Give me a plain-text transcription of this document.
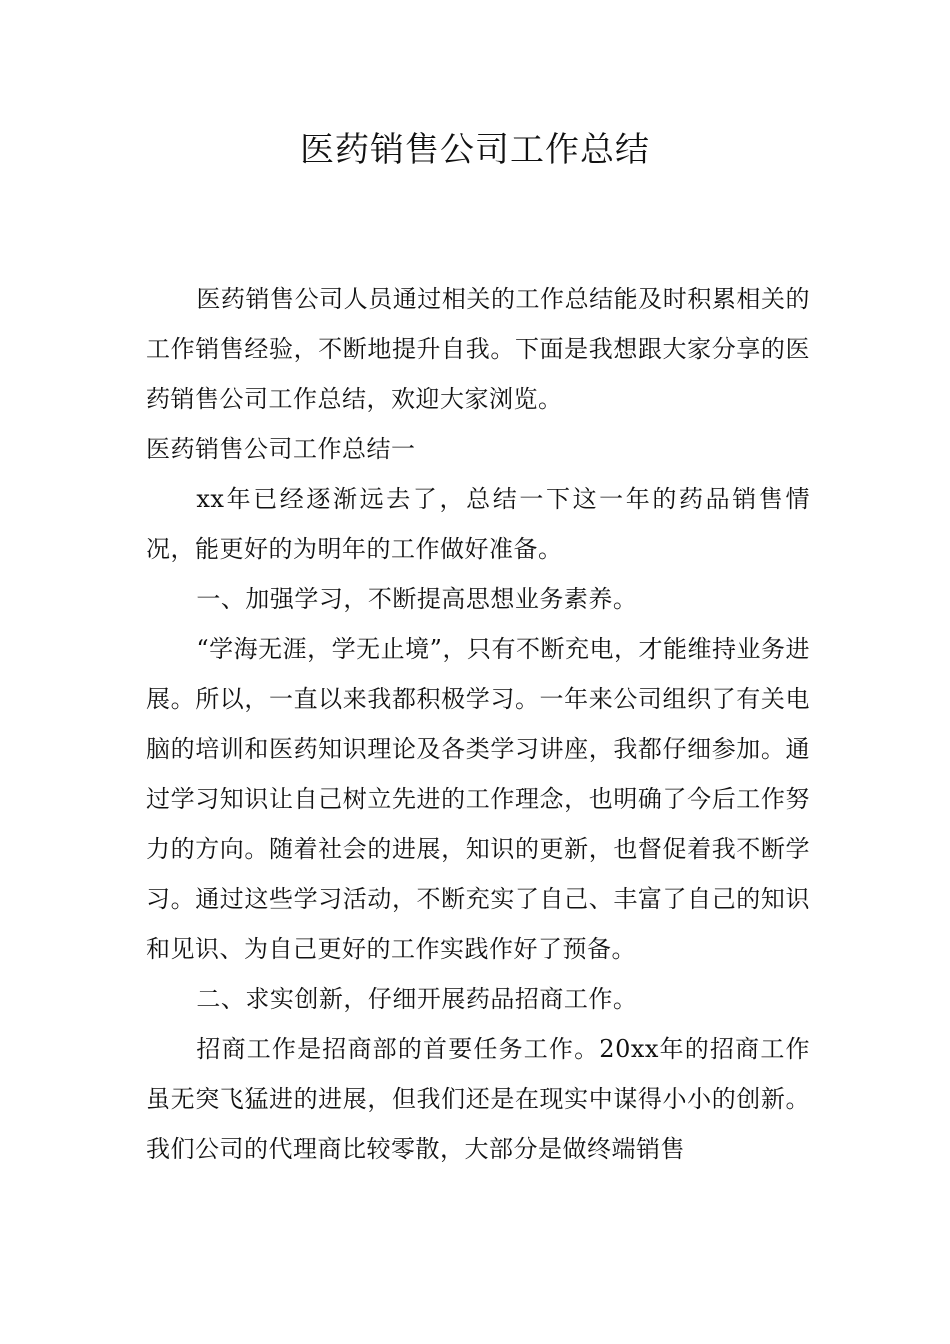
医药销售公司工作总结

医药销售公司人员通过相关的工作总结能及时积累相关的工作销售经验，不断地提升自我。下面是我想跟大家分享的医药销售公司工作总结，欢迎大家浏览。

医药销售公司工作总结一

xx年已经逐渐远去了，总结一下这一年的药品销售情况，能更好的为明年的工作做好准备。

一、加强学习，不断提高思想业务素养。

“学海无涯，学无止境”，只有不断充电，才能维持业务进展。所以，一直以来我都积极学习。一年来公司组织了有关电脑的培训和医药知识理论及各类学习讲座，我都仔细参加。通过学习知识让自己树立先进的工作理念，也明确了今后工作努力的方向。随着社会的进展，知识的更新，也督促着我不断学习。通过这些学习活动，不断充实了自己、丰富了自己的知识和见识、为自己更好的工作实践作好了预备。

二、求实创新，仔细开展药品招商工作。

招商工作是招商部的首要任务工作。20xx年的招商工作虽无突飞猛进的进展，但我们还是在现实中谋得小小的创新。我们公司的代理商比较零散，大部分是做终端销售
